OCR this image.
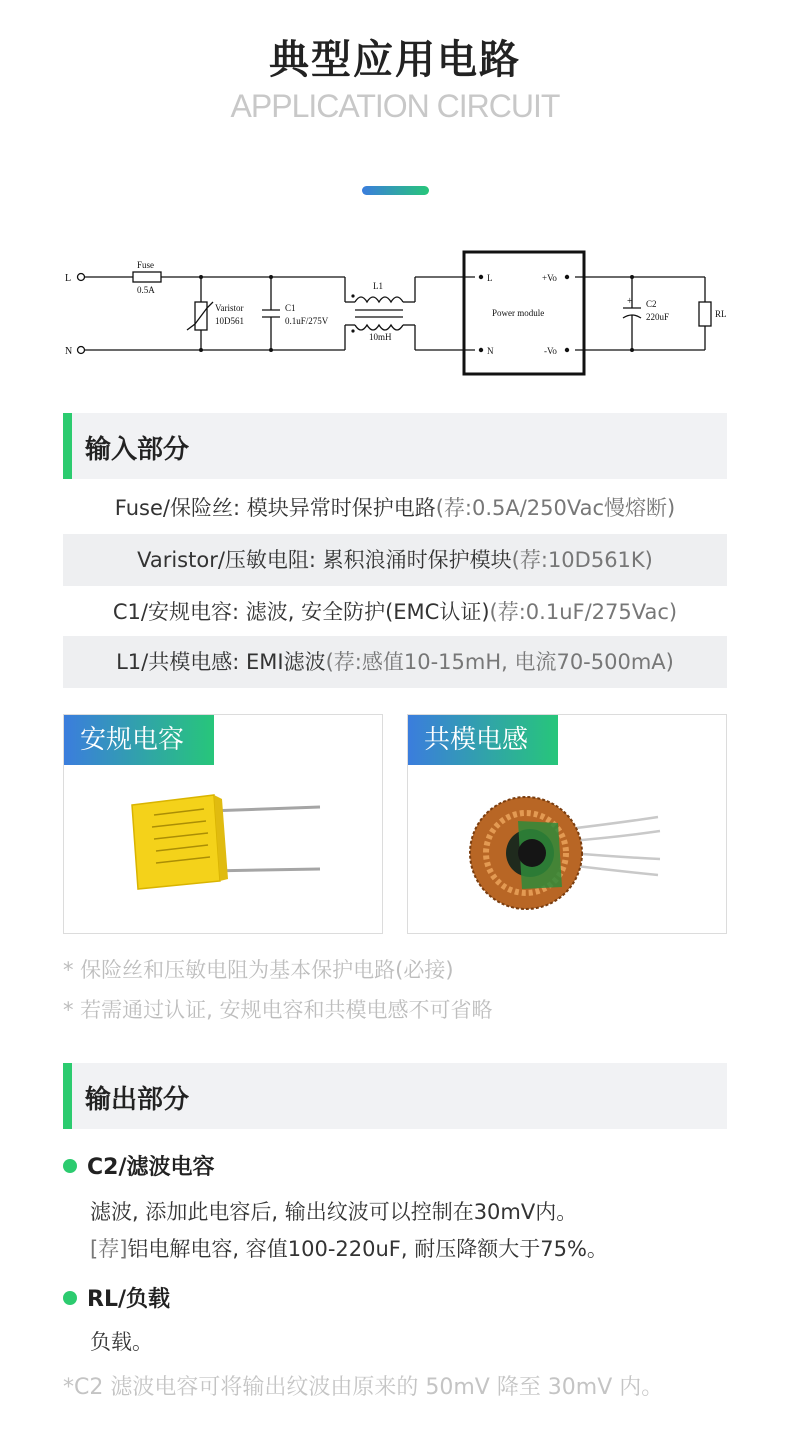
典型应用电路
APPLICATION CIRCUIT
L
N
Fuse
0.5A
Varistor
10D561
C1
0.1uF/275V
L1
10mH
L
N
+Vo
-Vo
Power module
+ C2
220uF	RL
输入部分
Fuse/保险丝: 模块异常时保护电路(荐:0.5A/250Vac慢熔断)
Varistor/压敏电阻: 累积浪涌时保护模块(荐:10D561K)
C1/安规电容: 滤波, 安全防护(EMC认证)(荐:0.1uF/275Vac)
L1/共模电感: EMI滤波(荐:感值10-15mH, 电流70-500mA)
安规电容	共模电感
* 保险丝和压敏电阻为基本保护电路(必接)
* 若需通过认证, 安规电容和共模电感不可省略
输出部分
C2/滤波电容
滤波, 添加此电容后, 输出纹波可以控制在30mV内。
[荐]铝电解电容, 容值100-220uF, 耐压降额大于75%。
RL/负载
负载。
*C2 滤波电容可将输出纹波由原来的 50mV 降至 30mV 内。
